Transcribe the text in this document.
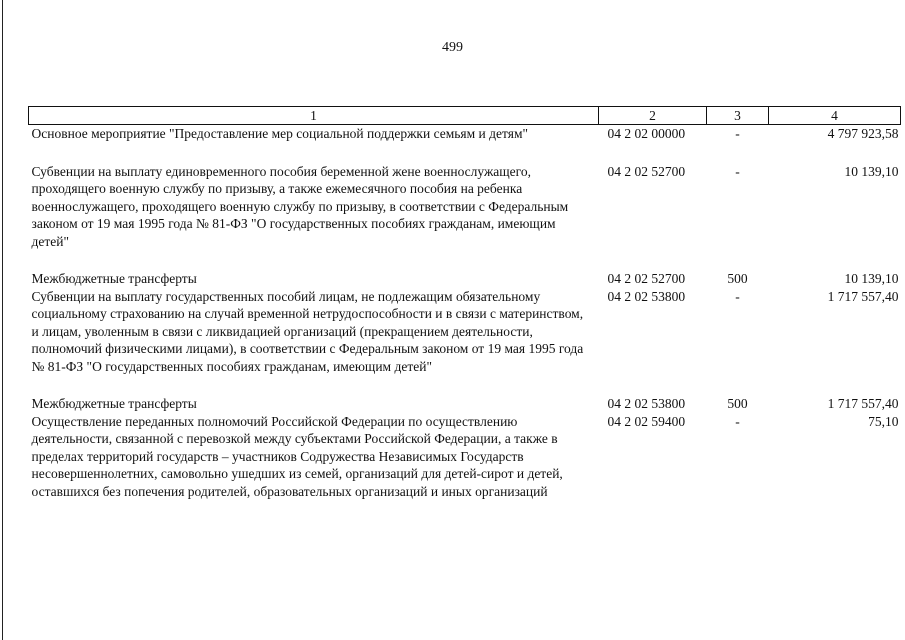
499
1	2	3	4
Основное мероприятие "Предоставление мер социальной поддержки семьям и детям"	04 2 02 00000	-	4 797 923,58

Субвенции на выплату единовременного пособия беременной жене военнослужащего, проходящего военную службу по призыву, а также ежемесячного пособия на ребенка военнослужащего, проходящего военную службу по призыву, в соответствии с Федеральным законом от 19 мая 1995 года № 81-ФЗ "О государственных пособиях гражданам, имеющим детей"	04 2 02 52700	-	10 139,10

Межбюджетные трансферты	04 2 02 52700	500	10 139,10
Субвенции на выплату государственных пособий лицам, не подлежащим обязательному социальному страхованию на случай временной нетрудоспособности и в связи с материнством, и лицам, уволенным в связи с ликвидацией организаций (прекращением деятельности, полномочий физическими лицами), в соответствии с Федеральным законом от 19 мая 1995 года № 81-ФЗ "О государственных пособиях гражданам, имеющим детей"	04 2 02 53800	-	1 717 557,40

Межбюджетные трансферты	04 2 02 53800	500	1 717 557,40
Осуществление переданных полномочий Российской Федерации по осуществлению деятельности, связанной с перевозкой между субъектами Российской Федерации, а также в пределах территорий государств – участников Содружества Независимых Государств несовершеннолетних, самовольно ушедших из семей, организаций для детей-сирот и детей, оставшихся без попечения родителей, образовательных организаций и иных организаций	04 2 02 59400	-	75,10
